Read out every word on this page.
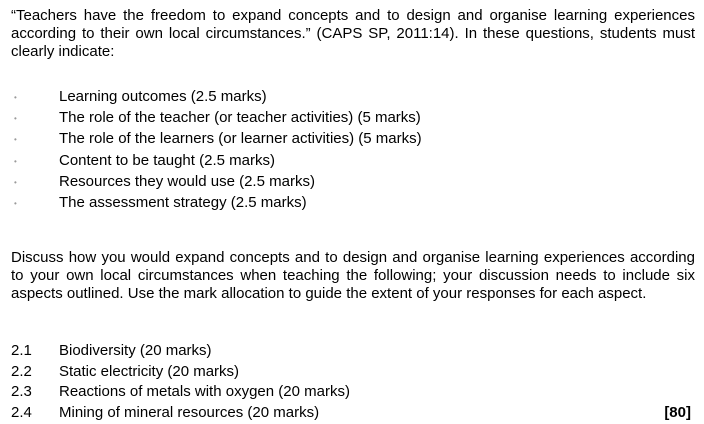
“Teachers have the freedom to expand concepts and to design and organise learning experiences according to their own local circumstances.” (CAPS SP, 2011:14). In these questions, students must clearly indicate:

•	Learning outcomes (2.5 marks)
•	The role of the teacher (or teacher activities) (5 marks)
•	The role of the learners (or learner activities) (5 marks)
•	Content to be taught (2.5 marks)
•	Resources they would use (2.5 marks)
•	The assessment strategy (2.5 marks)

Discuss how you would expand concepts and to design and organise learning experiences according to your own local circumstances when teaching the following; your discussion needs to include six aspects outlined. Use the mark allocation to guide the extent of your responses for each aspect.

2.1 Biodiversity (20 marks)
2.2 Static electricity (20 marks)
2.3 Reactions of metals with oxygen (20 marks)
2.4 Mining of mineral resources (20 marks)	[80]
